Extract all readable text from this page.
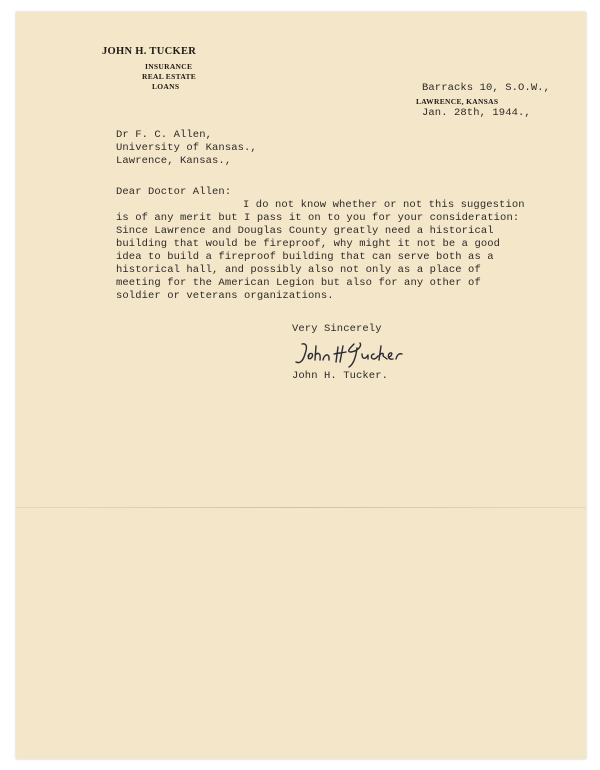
JOHN H. TUCKER
INSURANCE
REAL ESTATE
LOANS
LAWRENCE, KANSAS
Barracks 10, S.O.W.,
Jan. 28th, 1944.,
Dr F. C. Allen,
University of Kansas.,
Lawrence, Kansas.,
Dear Doctor Allen:
I do not know whether or not this suggestion
is of any merit but I pass it on to you for your consideration:
Since Lawrence and Douglas County greatly need a historical
building that would be fireproof, why might it not be a good
idea to build a fireproof building that can serve both as a
historical hall, and possibly also not only as a place of
meeting for the American Legion but also for any other of
soldier or veterans organizations.
Very Sincerely
John H. Tucker.
